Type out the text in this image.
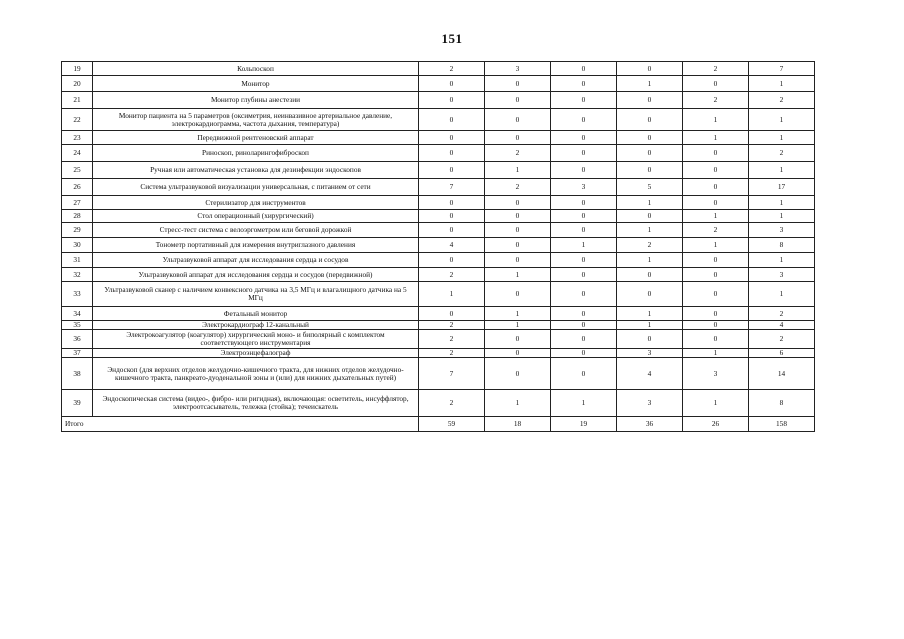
151
19	Кольпоскоп	2	3	0	0	2	7
20	Монитор	0	0	0	1	0	1
21	Монитор глубины анестезии	0	0	0	0	2	2
22	Монитор пациента на 5 параметров (оксиметрия, неинвазивное артериальное давление, электрокардиограмма, частота дыхания, температура)	0	0	0	0	1	1
23	Передвижной рентгеновский аппарат	0	0	0	0	1	1
24	Риноскоп, риноларингофиброскоп	0	2	0	0	0	2
25	Ручная или автоматическая установка для дезинфекции эндоскопов	0	1	0	0	0	1
26	Система ультразвуковой визуализации универсальная, с питанием от сети	7	2	3	5	0	17
27	Стерилизатор для инструментов	0	0	0	1	0	1
28	Стол операционный (хирургический)	0	0	0	0	1	1
29	Стресс-тест система с велоэргометром или беговой дорожкой	0	0	0	1	2	3
30	Тонометр портативный для измерения внутриглазного давления	4	0	1	2	1	8
31	Ультразвуковой аппарат для исследования сердца и сосудов	0	0	0	1	0	1
32	Ультразвуковой аппарат для исследования сердца и сосудов (передвижной)	2	1	0	0	0	3
33	Ультразвуковой сканер с наличием конвексного датчика на 3,5 МГц и влагалищного датчика на 5 МГц	1	0	0	0	0	1
34	Фетальный монитор	0	1	0	1	0	2
35	Электрокардиограф 12-канальный	2	1	0	1	0	4
36	Электрокоагулятор (коагулятор) хирургический моно- и биполярный с комплектом соответствующего инструментария	2	0	0	0	0	2
37	Электроэнцефалограф	2	0	0	3	1	6
38	Эндоскоп (для верхних отделов желудочно-кишечного тракта, для нижних отделов желудочно-кишечного тракта, панкреато-дуоденальной зоны и (или) для нижних дыхательных путей)	7	0	0	4	3	14
39	Эндоскопическая система (видео-, фибро- или ригидная), включающая: осветитель, инсуффлятор, электроотсасыватель, тележка (стойка); течеискатель	2	1	1	3	1	8
Итого		59	18	19	36	26	158
